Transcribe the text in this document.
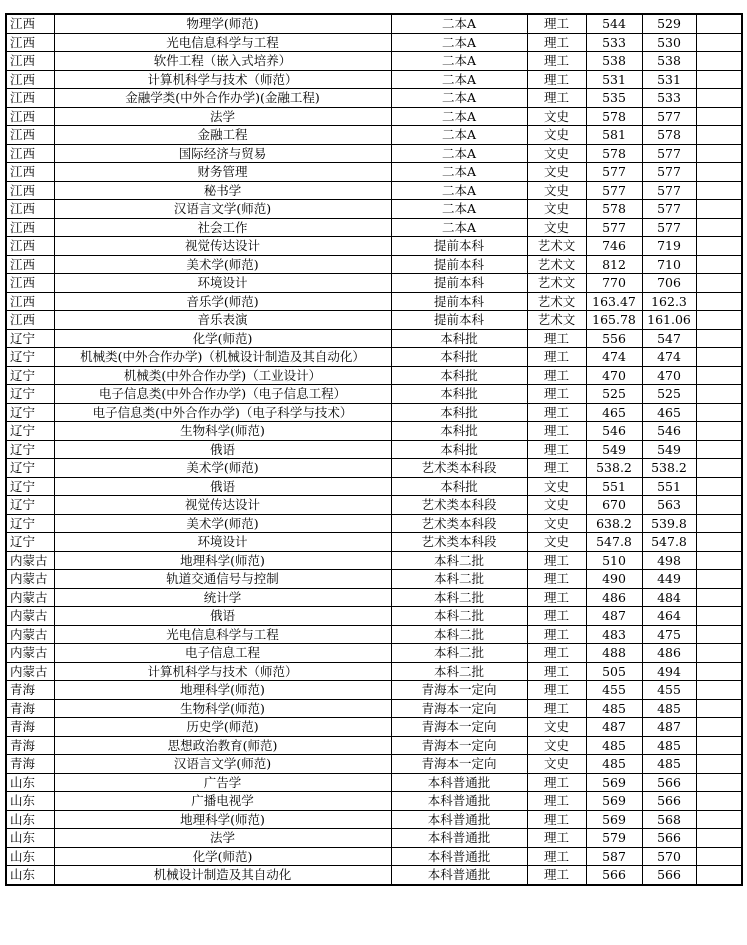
江西	物理学(师范)	二本A	理工	544	529	
江西	光电信息科学与工程	二本A	理工	533	530	
江西	软件工程（嵌入式培养）	二本A	理工	538	538	
江西	计算机科学与技术（师范）	二本A	理工	531	531	
江西	金融学类(中外合作办学)(金融工程)	二本A	理工	535	533	
江西	法学	二本A	文史	578	577	
江西	金融工程	二本A	文史	581	578	
江西	国际经济与贸易	二本A	文史	578	577	
江西	财务管理	二本A	文史	577	577	
江西	秘书学	二本A	文史	577	577	
江西	汉语言文学(师范)	二本A	文史	578	577	
江西	社会工作	二本A	文史	577	577	
江西	视觉传达设计	提前本科	艺术文	746	719	
江西	美术学(师范)	提前本科	艺术文	812	710	
江西	环境设计	提前本科	艺术文	770	706	
江西	音乐学(师范)	提前本科	艺术文	163.47	162.3	
江西	音乐表演	提前本科	艺术文	165.78	161.06	
辽宁	化学(师范)	本科批	理工	556	547	
辽宁	机械类(中外合作办学)（机械设计制造及其自动化）	本科批	理工	474	474	
辽宁	机械类(中外合作办学)（工业设计）	本科批	理工	470	470	
辽宁	电子信息类(中外合作办学)（电子信息工程）	本科批	理工	525	525	
辽宁	电子信息类(中外合作办学)（电子科学与技术）	本科批	理工	465	465	
辽宁	生物科学(师范)	本科批	理工	546	546	
辽宁	俄语	本科批	理工	549	549	
辽宁	美术学(师范)	艺术类本科段	理工	538.2	538.2	
辽宁	俄语	本科批	文史	551	551	
辽宁	视觉传达设计	艺术类本科段	文史	670	563	
辽宁	美术学(师范)	艺术类本科段	文史	638.2	539.8	
辽宁	环境设计	艺术类本科段	文史	547.8	547.8	
内蒙古	地理科学(师范)	本科二批	理工	510	498	
内蒙古	轨道交通信号与控制	本科二批	理工	490	449	
内蒙古	统计学	本科二批	理工	486	484	
内蒙古	俄语	本科二批	理工	487	464	
内蒙古	光电信息科学与工程	本科二批	理工	483	475	
内蒙古	电子信息工程	本科二批	理工	488	486	
内蒙古	计算机科学与技术（师范）	本科二批	理工	505	494	
青海	地理科学(师范)	青海本一定向	理工	455	455	
青海	生物科学(师范)	青海本一定向	理工	485	485	
青海	历史学(师范)	青海本一定向	文史	487	487	
青海	思想政治教育(师范)	青海本一定向	文史	485	485	
青海	汉语言文学(师范)	青海本一定向	文史	485	485	
山东	广告学	本科普通批	理工	569	566	
山东	广播电视学	本科普通批	理工	569	566	
山东	地理科学(师范)	本科普通批	理工	569	568	
山东	法学	本科普通批	理工	579	566	
山东	化学(师范)	本科普通批	理工	587	570	
山东	机械设计制造及其自动化	本科普通批	理工	566	566	
